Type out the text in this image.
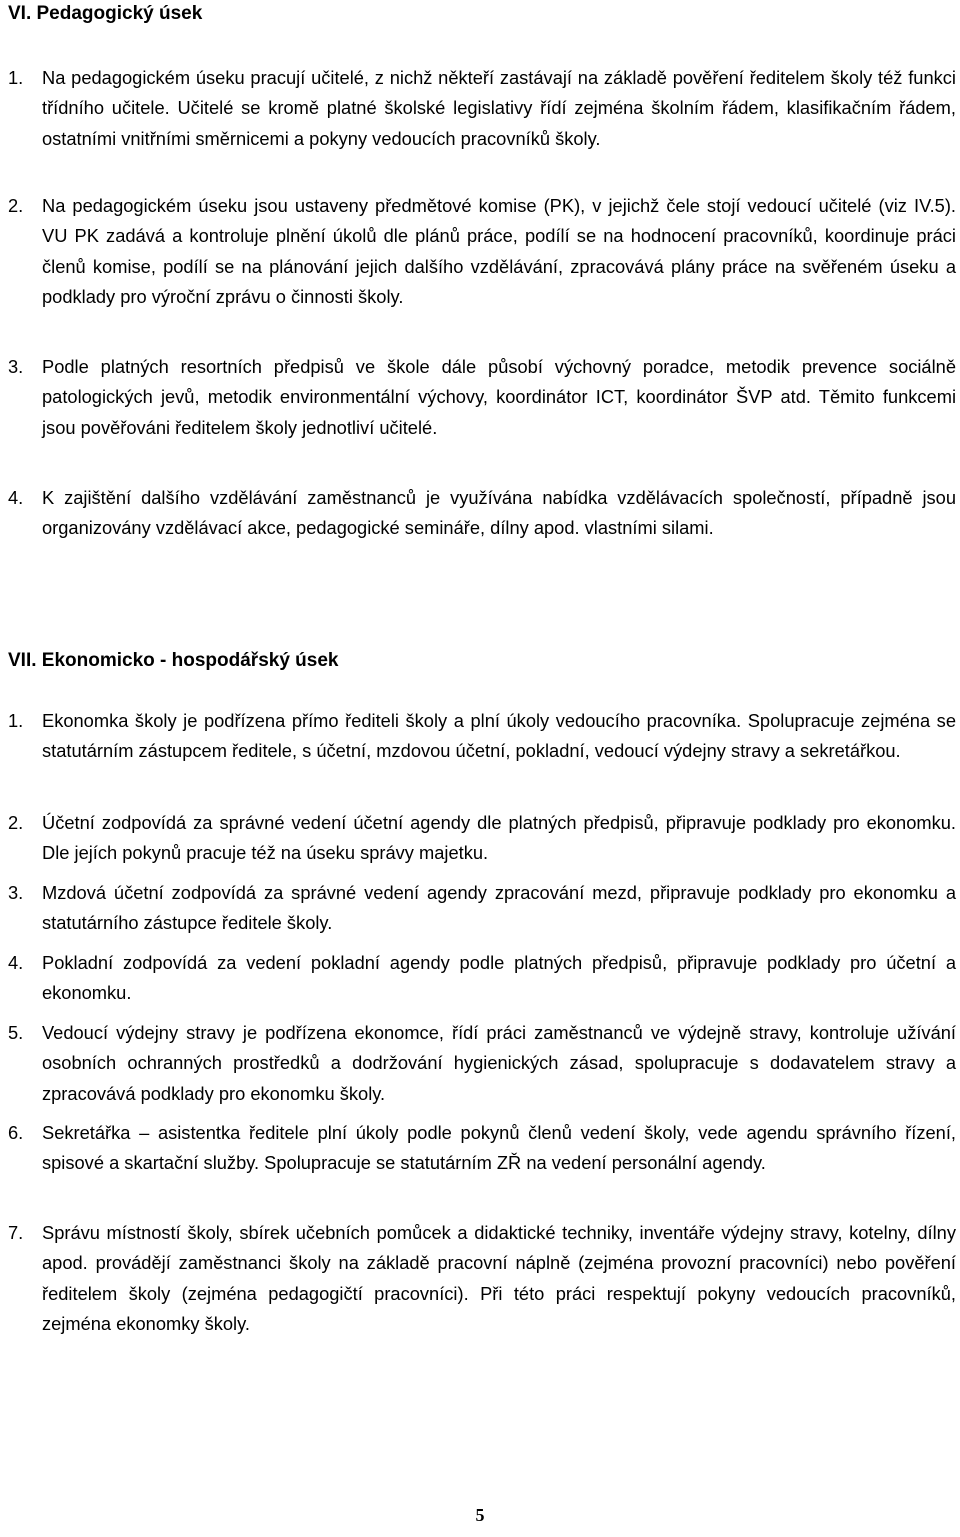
VI. Pedagogický úsek
1. Na pedagogickém úseku pracují učitelé, z nichž někteří zastávají na základě pověření ředitelem školy též funkci třídního učitele. Učitelé se kromě platné školské legislativy řídí zejména školním řádem, klasifikačním řádem, ostatními vnitřními směrnicemi a pokyny vedoucích pracovníků školy.
2. Na pedagogickém úseku jsou ustaveny předmětové komise (PK), v jejichž čele stojí vedoucí učitelé (viz IV.5). VU PK zadává a kontroluje plnění úkolů dle plánů práce, podílí se na hodnocení pracovníků, koordinuje práci členů komise, podílí se na plánování jejich dalšího vzdělávání, zpracovává plány práce na svěřeném úseku a podklady pro výroční zprávu o činnosti školy.
3. Podle platných resortních předpisů ve škole dále působí výchovný poradce, metodik prevence sociálně patologických jevů, metodik environmentální výchovy, koordinátor ICT, koordinátor ŠVP atd. Těmito funkcemi jsou pověřováni ředitelem školy jednotliví učitelé.
4. K zajištění dalšího vzdělávání zaměstnanců je využívána nabídka vzdělávacích společností, případně jsou organizovány vzdělávací akce, pedagogické semináře, dílny apod. vlastními silami.
VII. Ekonomicko - hospodářský úsek
1. Ekonomka školy je podřízena přímo řediteli školy a plní úkoly vedoucího pracovníka. Spolupracuje zejména se statutárním zástupcem ředitele, s účetní, mzdovou účetní, pokladní, vedoucí výdejny stravy a sekretářkou.
2. Účetní zodpovídá za správné vedení účetní agendy dle platných předpisů, připravuje podklady pro ekonomku. Dle jejích pokynů pracuje též na úseku správy majetku.
3. Mzdová účetní zodpovídá za správné vedení agendy zpracování mezd, připravuje podklady pro ekonomku a statutárního zástupce ředitele školy.
4. Pokladní zodpovídá za vedení pokladní agendy podle platných předpisů, připravuje podklady pro účetní a ekonomku.
5. Vedoucí výdejny stravy je podřízena ekonomce, řídí práci zaměstnanců ve výdejně stravy, kontroluje užívání osobních ochranných prostředků a dodržování hygienických zásad, spolupracuje s dodavatelem stravy a zpracovává podklady pro ekonomku školy.
6. Sekretářka – asistentka ředitele plní úkoly podle pokynů členů vedení školy, vede agendu správního řízení, spisové a skartační služby. Spolupracuje se statutárním ZŘ na vedení personální agendy.
7. Správu místností školy, sbírek učebních pomůcek a didaktické techniky, inventáře výdejny stravy, kotelny, dílny apod. provádějí zaměstnanci školy na základě pracovní náplně (zejména provozní pracovníci) nebo pověření ředitelem školy (zejména pedagogičtí pracovníci). Při této práci respektují pokyny vedoucích pracovníků, zejména ekonomky školy.
5
